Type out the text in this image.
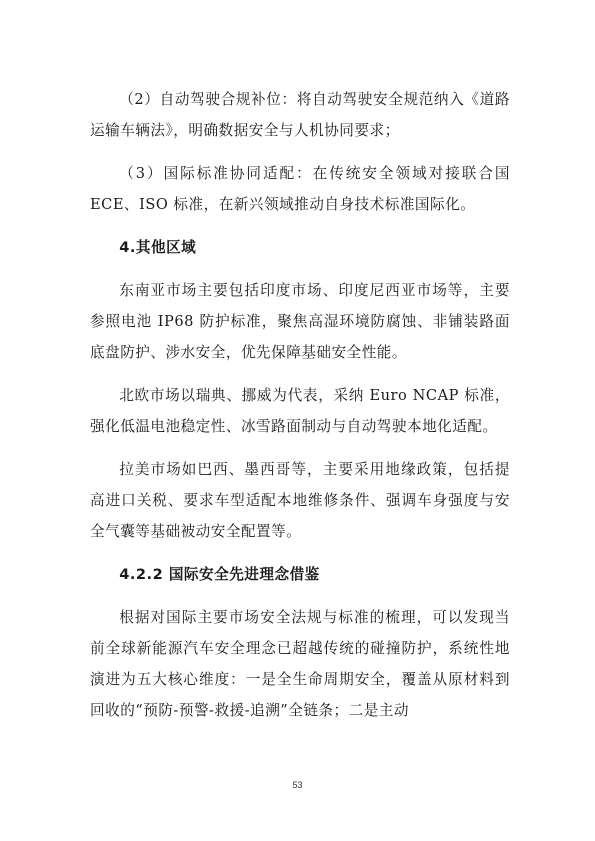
（2）自动驾驶合规补位：将自动驾驶安全规范纳入《道路运输车辆法》，明确数据安全与人机协同要求；

（3）国际标准协同适配：在传统安全领域对接联合国ECE、ISO 标准，在新兴领域推动自身技术标准国际化。

4.其他区域

东南亚市场主要包括印度市场、印度尼西亚市场等，主要参照电池 IP68 防护标准，聚焦高湿环境防腐蚀、非铺装路面底盘防护、涉水安全，优先保障基础安全性能。

北欧市场以瑞典、挪威为代表，采纳 Euro NCAP 标准，强化低温电池稳定性、冰雪路面制动与自动驾驶本地化适配。

拉美市场如巴西、墨西哥等，主要采用地缘政策，包括提高进口关税、要求车型适配本地维修条件、强调车身强度与安全气囊等基础被动安全配置等。

4.2.2 国际安全先进理念借鉴

根据对国际主要市场安全法规与标准的梳理，可以发现当前全球新能源汽车安全理念已超越传统的碰撞防护，系统性地演进为五大核心维度：一是全生命周期安全，覆盖从原材料到回收的“预防-预警-救援-追溯”全链条；二是主动

53
